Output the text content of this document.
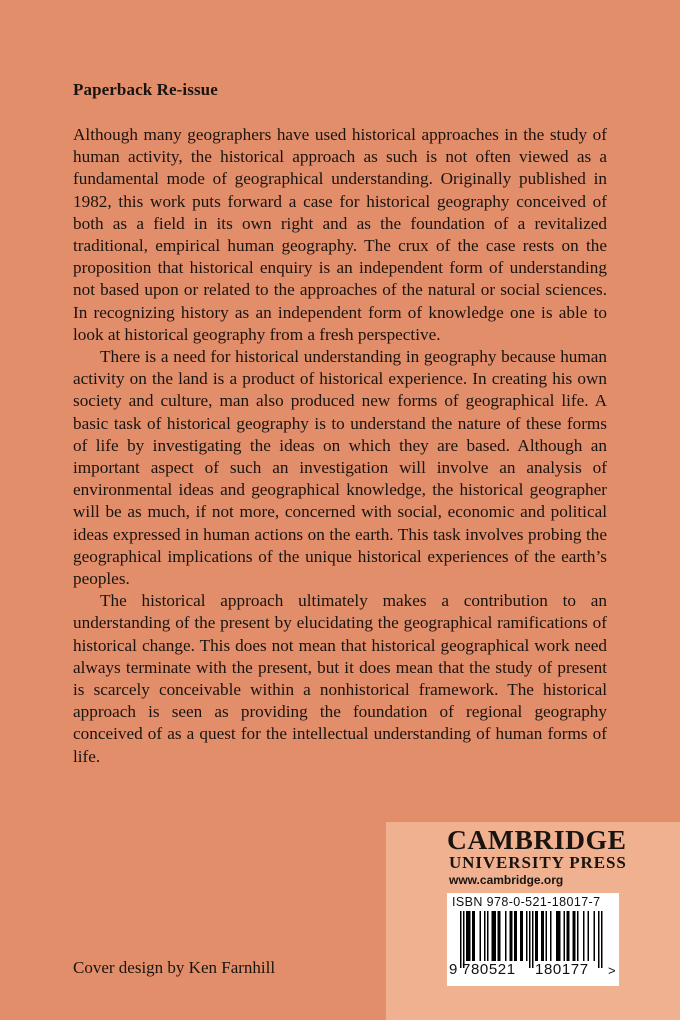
Paperback Re-issue

Although many geographers have used historical approaches in the study of human activity, the historical approach as such is not often viewed as a fundamental mode of geographical understanding. Originally published in 1982, this work puts forward a case for historical geography conceived of both as a field in its own right and as the foundation of a revitalized traditional, empirical human geography. The crux of the case rests on the proposition that historical enquiry is an independent form of understanding not based upon or related to the approaches of the natural or social sciences. In recognizing history as an independent form of knowledge one is able to look at historical geography from a fresh perspective.

There is a need for historical understanding in geography because human activity on the land is a product of historical experience. In creating his own society and culture, man also produced new forms of geographical life. A basic task of historical geography is to understand the nature of these forms of life by investigating the ideas on which they are based. Although an important aspect of such an investigation will involve an analysis of environmental ideas and geographical knowledge, the historical geographer will be as much, if not more, concerned with social, economic and political ideas expressed in human actions on the earth. This task involves probing the geographical implications of the unique historical experiences of the earth’s peoples.

The historical approach ultimately makes a contribution to an understanding of the present by elucidating the geographical ramifications of historical change. This does not mean that historical geographical work need always terminate with the present, but it does mean that the study of present is scarcely conceivable within a nonhistorical framework. The historical approach is seen as providing the foundation of regional geography conceived of as a quest for the intellectual understanding of human forms of life.

Cover design by Ken Farnhill
CAMBRIDGE
UNIVERSITY PRESS
www.cambridge.org
ISBN 978-0-521-18017-7
9 780521 180177 >
